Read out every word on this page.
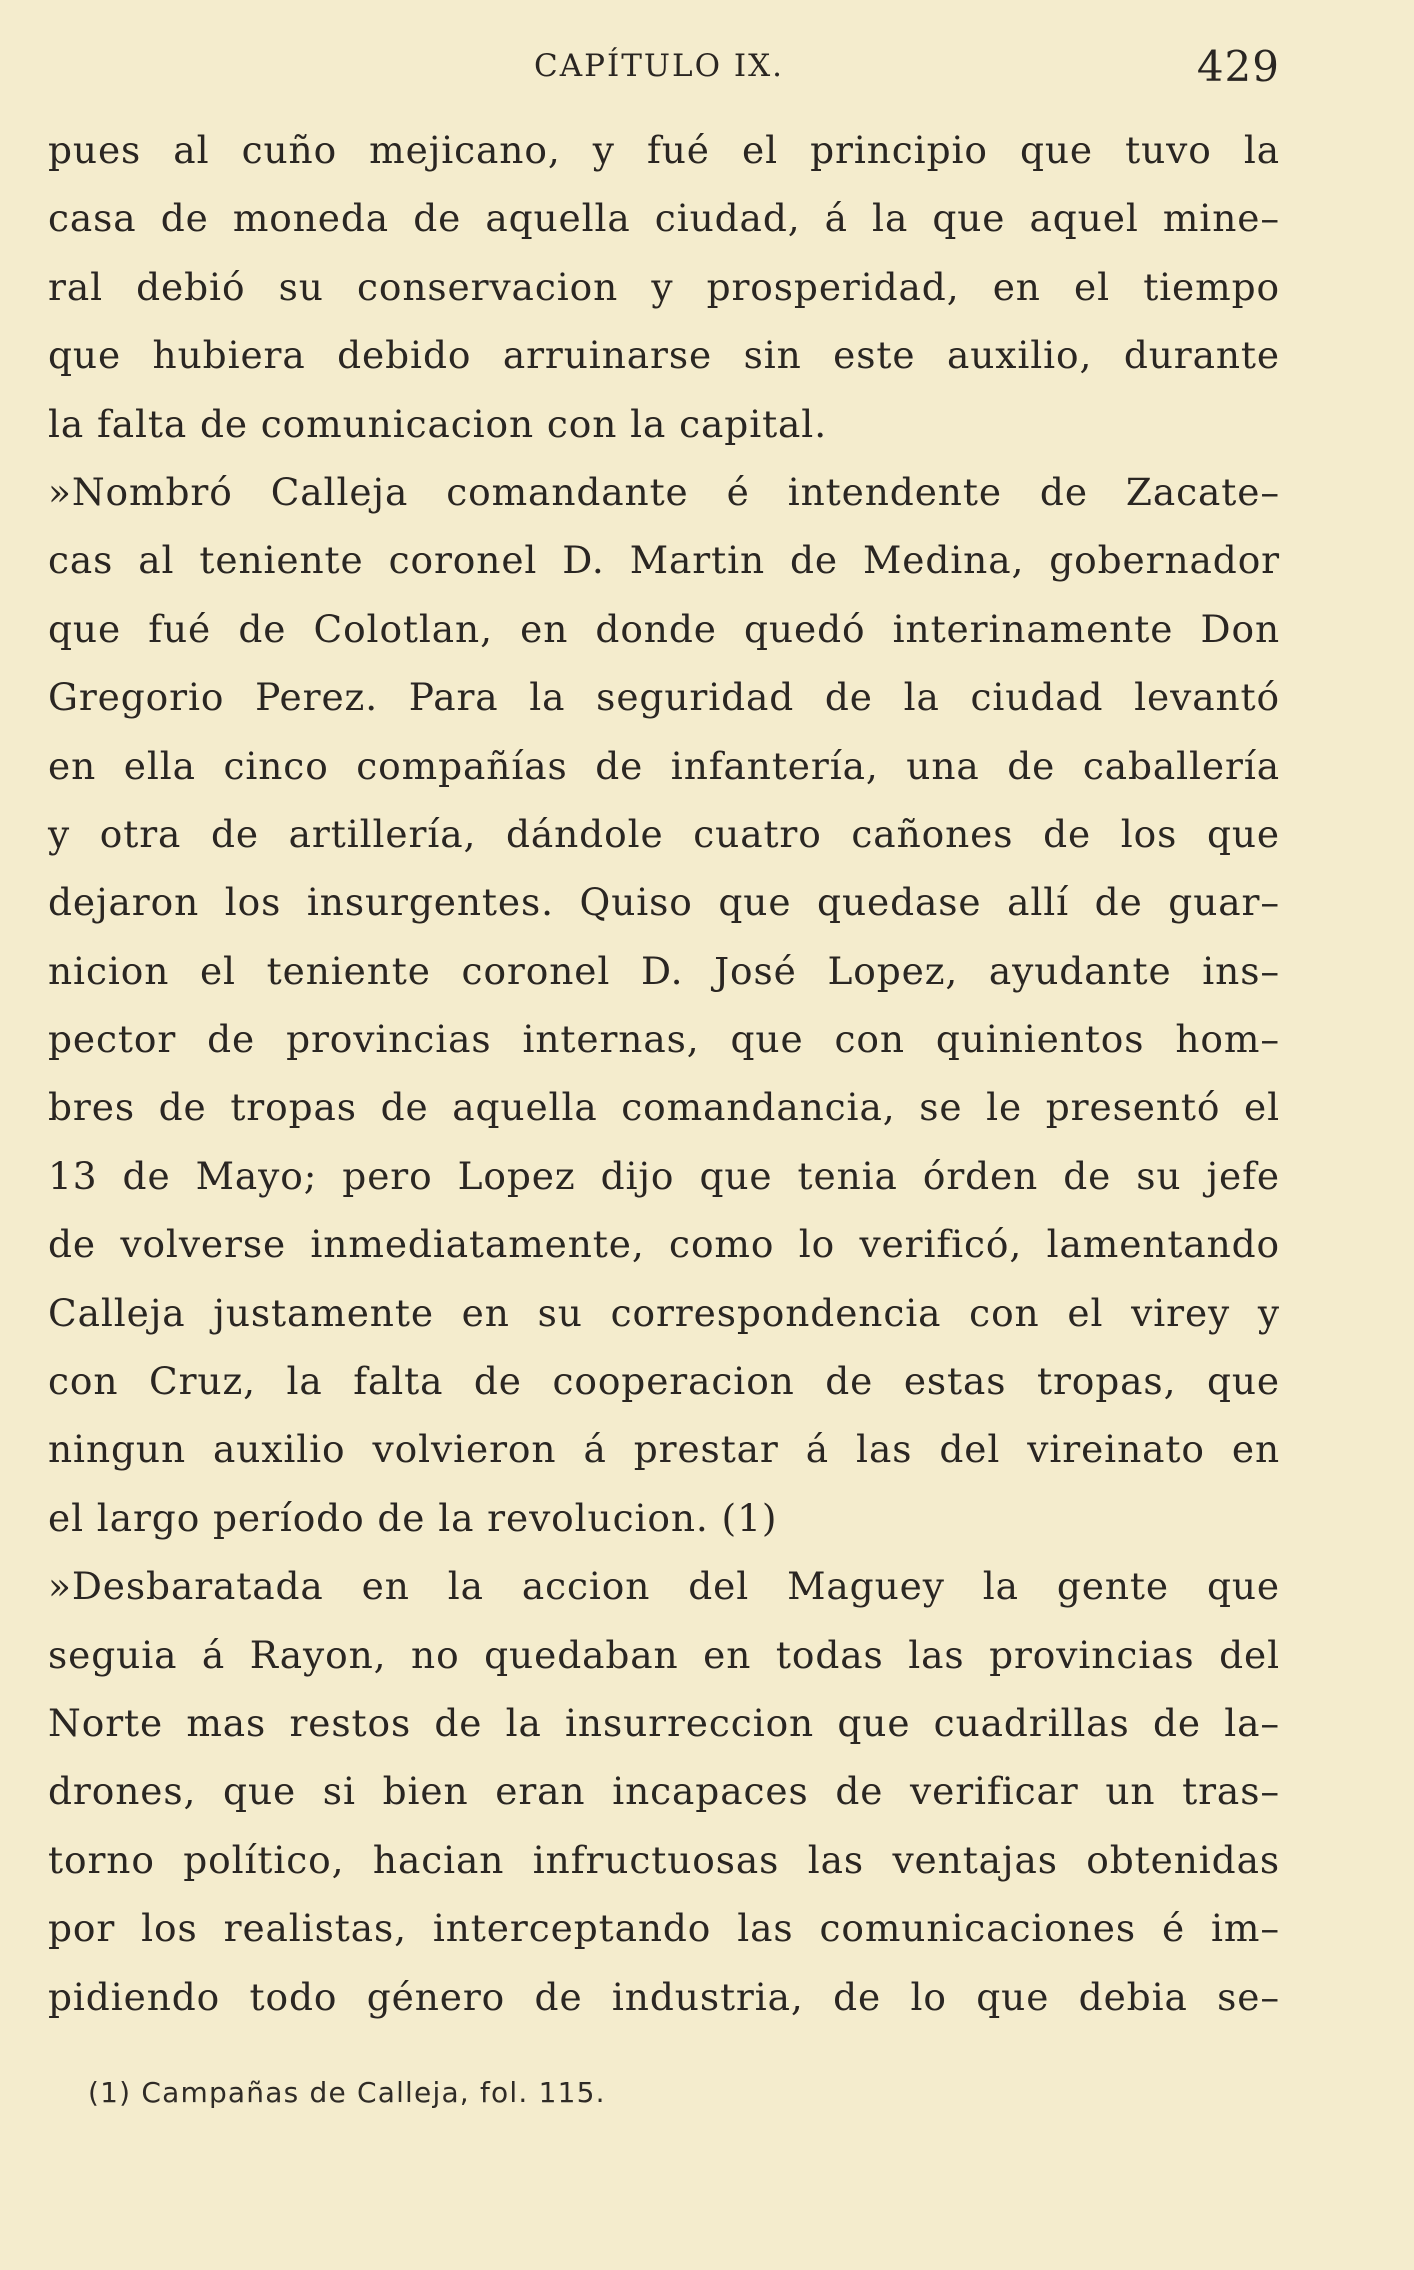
CAPÍTULO IX.	429
pues al cuño mejicano, y fué el principio que tuvo la
casa de moneda de aquella ciudad, á la que aquel mine–
ral debió su conservacion y prosperidad, en el tiempo
que hubiera debido arruinarse sin este auxilio, durante
la falta de comunicacion con la capital.
»Nombró Calleja comandante é intendente de Zacate–
cas al teniente coronel D. Martin de Medina, gobernador
que fué de Colotlan, en donde quedó interinamente Don
Gregorio Perez. Para la seguridad de la ciudad levantó
en ella cinco compañías de infantería, una de caballería
y otra de artillería, dándole cuatro cañones de los que
dejaron los insurgentes. Quiso que quedase allí de guar–
nicion el teniente coronel D. José Lopez, ayudante ins–
pector de provincias internas, que con quinientos hom–
bres de tropas de aquella comandancia, se le presentó el
13 de Mayo; pero Lopez dijo que tenia órden de su jefe
de volverse inmediatamente, como lo verificó, lamentando
Calleja justamente en su correspondencia con el virey y
con Cruz, la falta de cooperacion de estas tropas, que
ningun auxilio volvieron á prestar á las del vireinato en
el largo período de la revolucion. (1)
»Desbaratada en la accion del Maguey la gente que
seguia á Rayon, no quedaban en todas las provincias del
Norte mas restos de la insurreccion que cuadrillas de la–
drones, que si bien eran incapaces de verificar un tras–
torno político, hacian infructuosas las ventajas obtenidas
por los realistas, interceptando las comunicaciones é im–
pidiendo todo género de industria, de lo que debia se–
(1) Campañas de Calleja, fol. 115.
